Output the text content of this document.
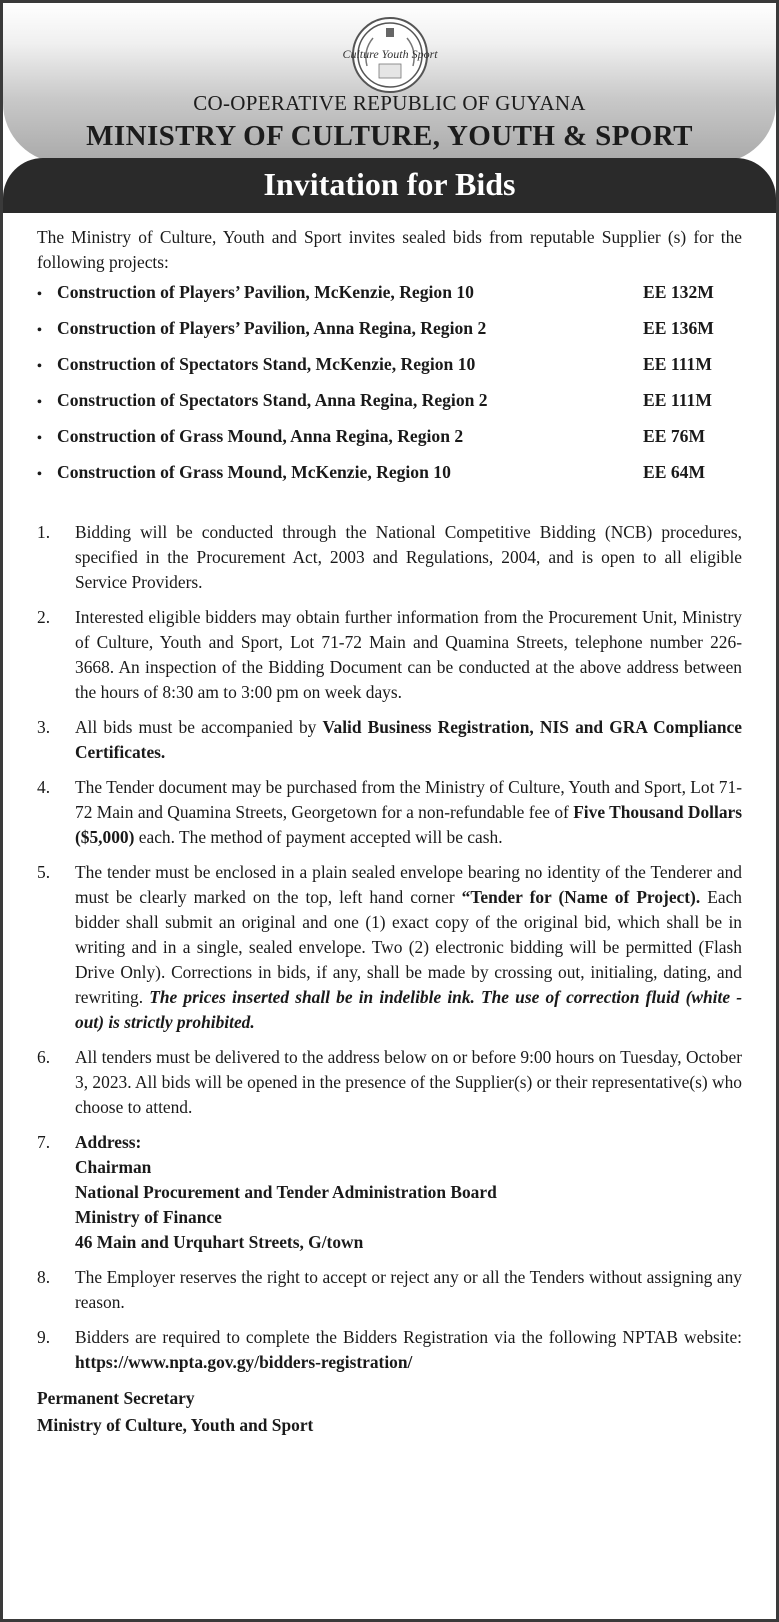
Culture Youth Sport
CO-OPERATIVE REPUBLIC OF GUYANA
MINISTRY OF CULTURE, YOUTH & SPORT
Invitation for Bids

The Ministry of Culture, Youth and Sport invites sealed bids from reputable Supplier (s) for the following projects:

• Construction of Players’ Pavilion, McKenzie, Region 10	EE 132M
• Construction of Players’ Pavilion, Anna Regina, Region 2	EE 136M
• Construction of Spectators Stand, McKenzie, Region 10	EE 111M
• Construction of Spectators Stand, Anna Regina, Region 2	EE 111M
• Construction of Grass Mound, Anna Regina, Region 2	EE 76M
• Construction of Grass Mound, McKenzie, Region 10	EE 64M
1.	Bidding will be conducted through the National Competitive Bidding (NCB) procedures, specified in the Procurement Act, 2003 and Regulations, 2004, and is open to all eligible Service Providers.

2.	Interested eligible bidders may obtain further information from the Procurement Unit, Ministry of Culture, Youth and Sport, Lot 71-72 Main and Quamina Streets, telephone number 226-3668. An inspection of the Bidding Document can be conducted at the above address between the hours of 8:30 am to 3:00 pm on week days.

3.	All bids must be accompanied by Valid Business Registration, NIS and GRA Compliance Certificates.

4.	The Tender document may be purchased from the Ministry of Culture, Youth and Sport, Lot 71-72 Main and Quamina Streets, Georgetown for a non-refundable fee of Five Thousand Dollars ($5,000) each. The method of payment accepted will be cash.

5.	The tender must be enclosed in a plain sealed envelope bearing no identity of the Tenderer and must be clearly marked on the top, left hand corner “Tender for (Name of Project). Each bidder shall submit an original and one (1) exact copy of the original bid, which shall be in writing and in a single, sealed envelope. Two (2) electronic bidding will be permitted (Flash Drive Only). Corrections in bids, if any, shall be made by crossing out, initialing, dating, and rewriting. The prices inserted shall be in indelible ink. The use of correction fluid (white -out) is strictly prohibited.

6.	All tenders must be delivered to the address below on or before 9:00 hours on Tuesday, October 3, 2023. All bids will be opened in the presence of the Supplier(s) or their representative(s) who choose to attend.

7.	Address:
Chairman
National Procurement and Tender Administration Board
Ministry of Finance
46 Main and Urquhart Streets, G/town
8.	The Employer reserves the right to accept or reject any or all the Tenders without assigning any reason.

9.	Bidders are required to complete the Bidders Registration via the following NPTAB website: https://www.npta.gov.gy/bidders-registration/

Permanent Secretary
Ministry of Culture, Youth and Sport
